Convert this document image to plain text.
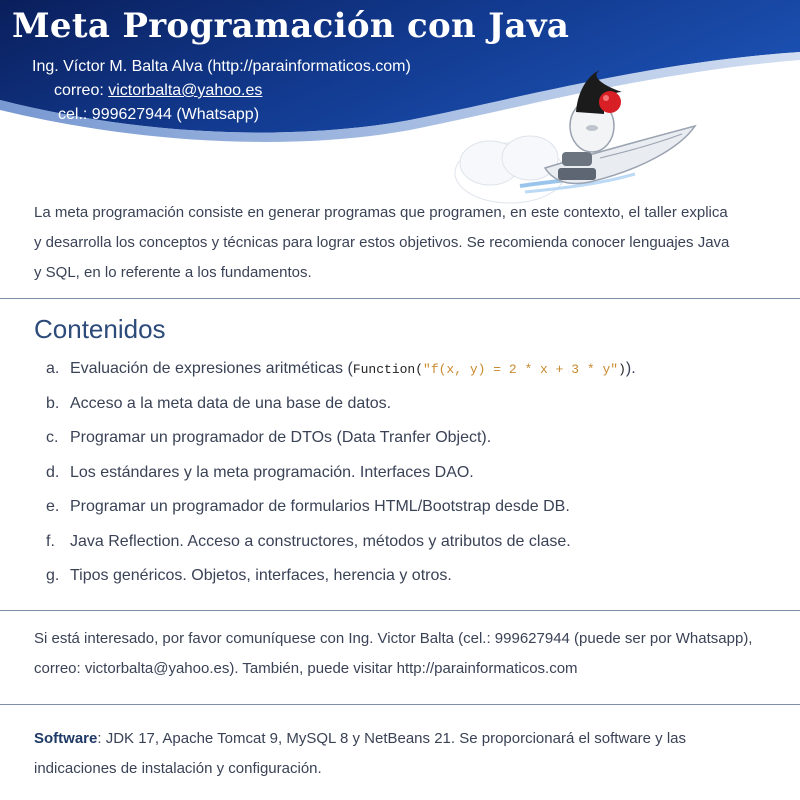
Meta Programación con Java
Ing. Víctor M. Balta Alva (http://parainformaticos.com)
correo: victorbalta@yahoo.es
cel.: 999627944 (Whatsapp)

La meta programación consiste en generar programas que programen, en este contexto, el taller explica y desarrolla los conceptos y técnicas para lograr estos objetivos. Se recomienda conocer lenguajes Java y SQL, en lo referente a los fundamentos.

Contenidos
a. Evaluación de expresiones aritméticas (Function("f(x, y) = 2 * x + 3 * y")).
b. Acceso a la meta data de una base de datos.
c. Programar un programador de DTOs (Data Tranfer Object).
d. Los estándares y la meta programación. Interfaces DAO.
e. Programar un programador de formularios HTML/Bootstrap desde DB.
f. Java Reflection. Acceso a constructores, métodos y atributos de clase.
g. Tipos genéricos. Objetos, interfaces, herencia y otros.

Si está interesado, por favor comuníquese con Ing. Victor Balta (cel.: 999627944 (puede ser por Whatsapp), correo: victorbalta@yahoo.es). También, puede visitar http://parainformaticos.com

Software: JDK 17, Apache Tomcat 9, MySQL 8 y NetBeans 21. Se proporcionará el software y las indicaciones de instalación y configuración.
